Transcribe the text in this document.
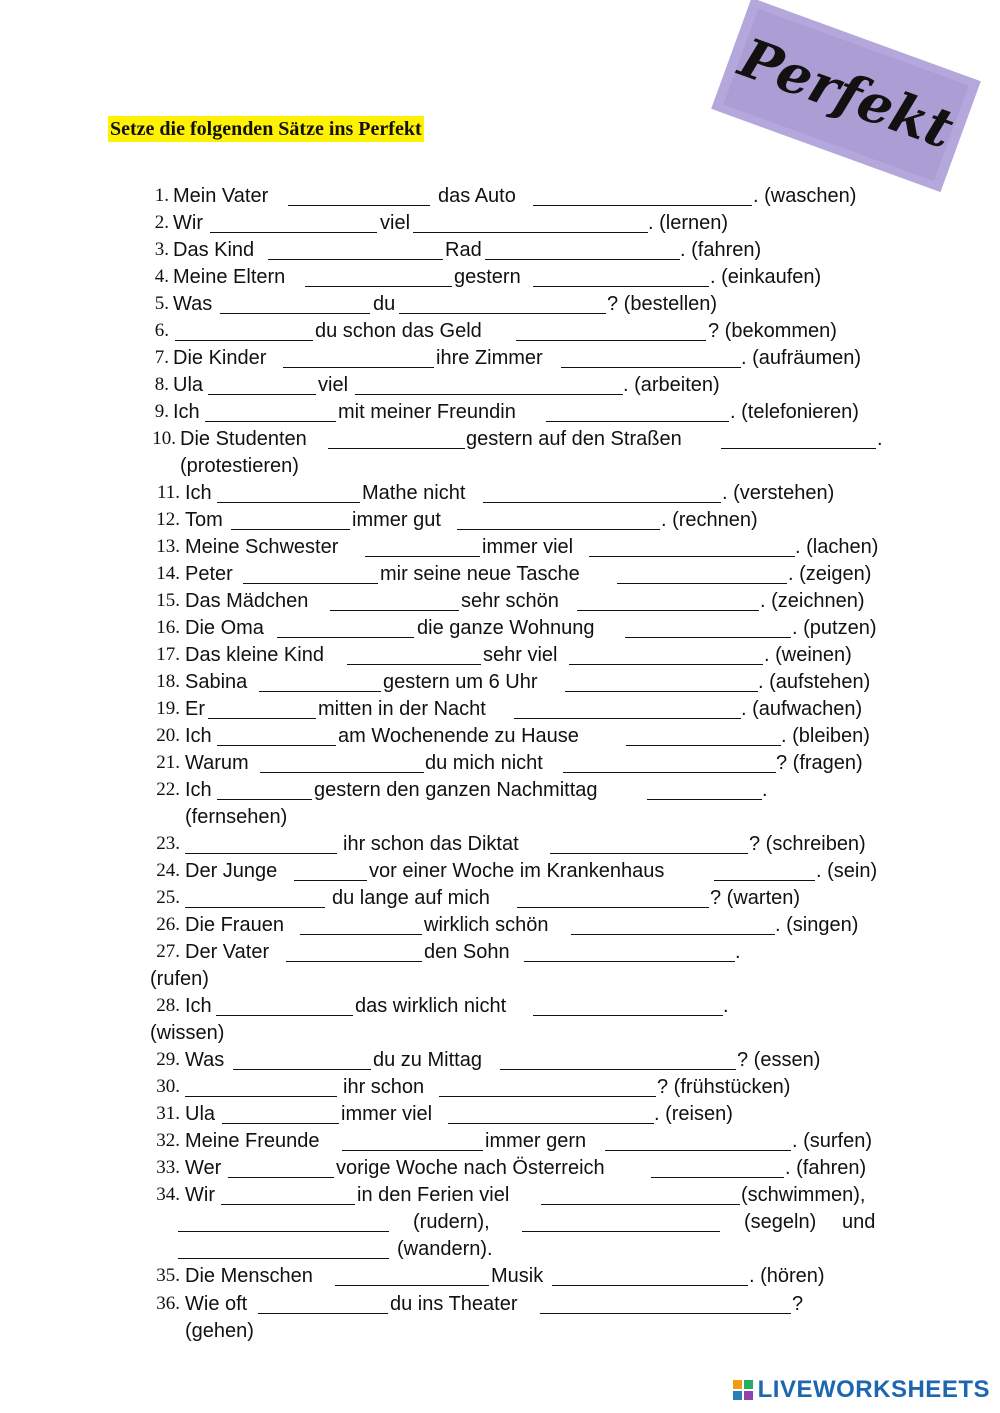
Setze die folgenden Sätze ins Perfekt	Perfekt
1. Mein Vater	das Auto	. (waschen)
2. Wir	viel	. (lernen)
3. Das Kind	Rad	. (fahren)
4. Meine Eltern	gestern	. (einkaufen)
5. Was	du	? (bestellen)
6.	du schon das Geld	? (bekommen)
7. Die Kinder	ihre Zimmer	. (aufräumen)
8. Ula	viel	. (arbeiten)
9. Ich	mit meiner Freundin	. (telefonieren)
10. Die Studenten	gestern auf den Straßen	.
(protestieren)
11. Ich	Mathe nicht	. (verstehen)
12. Tom	immer gut	. (rechnen)
13. Meine Schwester	immer viel	. (lachen)
14. Peter	mir seine neue Tasche	. (zeigen)
15. Das Mädchen	sehr schön	. (zeichnen)
16. Die Oma	die ganze Wohnung	. (putzen)
17. Das kleine Kind	sehr viel	. (weinen)
18. Sabina	gestern um 6 Uhr	. (aufstehen)
19. Er	mitten in der Nacht	. (aufwachen)
20. Ich	am Wochenende zu Hause	. (bleiben)
21. Warum	du mich nicht	? (fragen)
22. Ich	gestern den ganzen Nachmittag	.
(fernsehen)
23.	ihr schon das Diktat	? (schreiben)
24. Der Junge	vor einer Woche im Krankenhaus	. (sein)
25.	du lange auf mich	? (warten)
26. Die Frauen	wirklich schön	. (singen)
27. Der Vater	den Sohn	.
(rufen)
28. Ich	das wirklich nicht	.
(wissen)
29. Was	du zu Mittag	? (essen)
30.	ihr schon	? (frühstücken)
31. Ula	immer viel	. (reisen)
32. Meine Freunde	immer gern	. (surfen)
33. Wer	vorige Woche nach Österreich	. (fahren)
34. Wir	in den Ferien viel	(schwimmen),
(rudern),	(segeln) und
(wandern).
35. Die Menschen	Musik	. (hören)
36. Wie oft	du ins Theater	?
(gehen)
LIVEWORKSHEETS
